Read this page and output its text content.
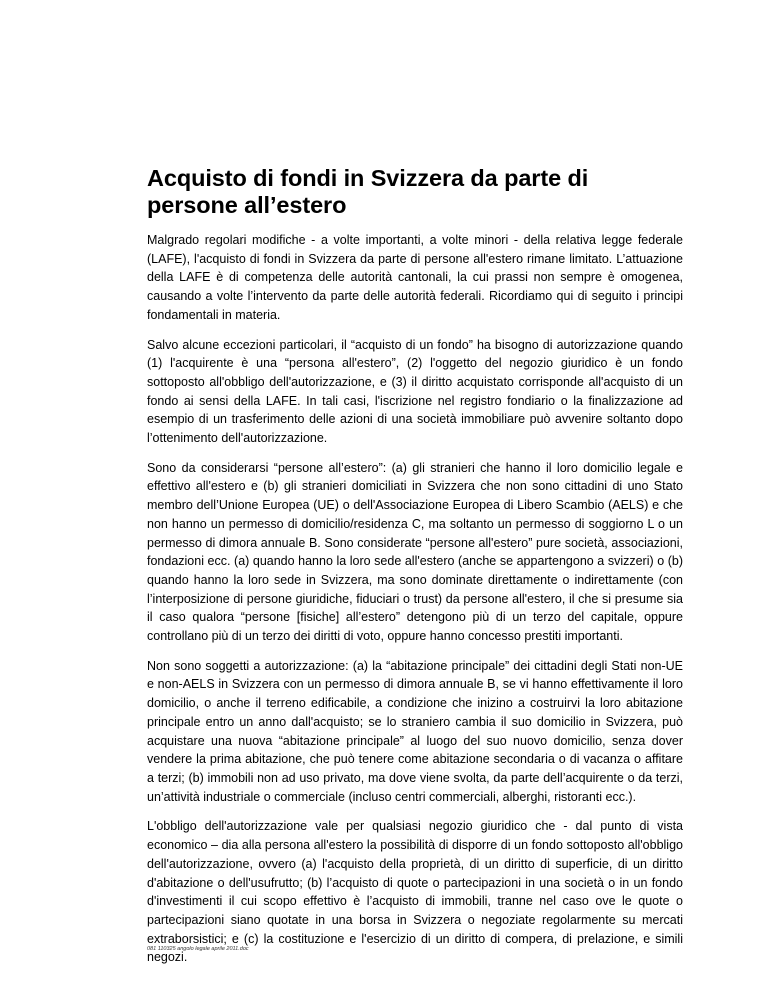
Acquisto di fondi in Svizzera da parte di persone all’estero

Malgrado regolari modifiche - a volte importanti, a volte minori - della relativa legge federale (LAFE), l'acquisto di fondi in Svizzera da parte di persone all'estero rimane limitato. L’attuazione della LAFE è di competenza delle autorità cantonali, la cui prassi non sempre è omogenea, causando a volte l’intervento da parte delle autorità federali. Ricordiamo qui di seguito i principi fondamentali in materia.

Salvo alcune eccezioni particolari, il “acquisto di un fondo” ha bisogno di autorizzazione quando (1) l'acquirente è una “persona all'estero”, (2) l'oggetto del negozio giuridico è un fondo sottoposto all'obbligo dell'autorizzazione, e (3) il diritto acquistato corrisponde all'acquisto di un fondo ai sensi della LAFE. In tali casi, l'iscrizione nel registro fondiario o la finalizzazione ad esempio di un trasferimento delle azioni di una società immobiliare può avvenire soltanto dopo l’ottenimento dell'autorizzazione.

Sono da considerarsi “persone all’estero”: (a) gli stranieri che hanno il loro domicilio legale e effettivo all'estero e (b) gli stranieri domiciliati in Svizzera che non sono cittadini di uno Stato membro dell’Unione Europea (UE) o dell'Associazione Europea di Libero Scambio (AELS) e che non hanno un permesso di domicilio/residenza C, ma soltanto un permesso di soggiorno L o un permesso di dimora annuale B. Sono considerate “persone all'estero” pure società, associazioni, fondazioni ecc. (a) quando hanno la loro sede all'estero (anche se appartengono a svizzeri) o (b) quando hanno la loro sede in Svizzera, ma sono dominate direttamente o indirettamente (con l’interposizione di persone giuridiche, fiduciari o trust) da persone all'estero, il che si presume sia il caso qualora “persone [fisiche] all’estero” detengono più di un terzo del capitale, oppure controllano più di un terzo dei diritti di voto, oppure hanno concesso prestiti importanti.

Non sono soggetti a autorizzazione: (a) la “abitazione principale” dei cittadini degli Stati non-UE e non-AELS in Svizzera con un permesso di dimora annuale B, se vi hanno effettivamente il loro domicilio, o anche il terreno edificabile, a condizione che inizino a costruirvi la loro abitazione principale entro un anno dall'acquisto; se lo straniero cambia il suo domicilio in Svizzera, può acquistare una nuova “abitazione principale” al luogo del suo nuovo domicilio, senza dover vendere la prima abitazione, che può tenere come abitazione secondaria o di vacanza o affitare a terzi; (b) immobili non ad uso privato, ma dove viene svolta, da parte dell’acquirente o da terzi, un’attività industriale o commerciale (incluso centri commerciali, alberghi, ristoranti ecc.).

L'obbligo dell'autorizzazione vale per qualsiasi negozio giuridico che - dal punto di vista economico – dia alla persona all'estero la possibilità di disporre di un fondo sottoposto all'obbligo dell'autorizzazione, ovvero (a) l'acquisto della proprietà, di un diritto di superficie, di un diritto d'abitazione o dell'usufrutto; (b) l’acquisto di quote o partecipazioni in una società o in un fondo d'investimenti il cui scopo effettivo è l’acquisto di immobili, tranne nel caso ove le quote o partecipazioni siano quotate in una borsa in Svizzera o negoziate regolarmente su mercati extraborsistici; e (c) la costituzione e l'esercizio di un diritto di compera, di prelazione, e simili negozi.

081 110325 angolo legale aprile 2011.doc
